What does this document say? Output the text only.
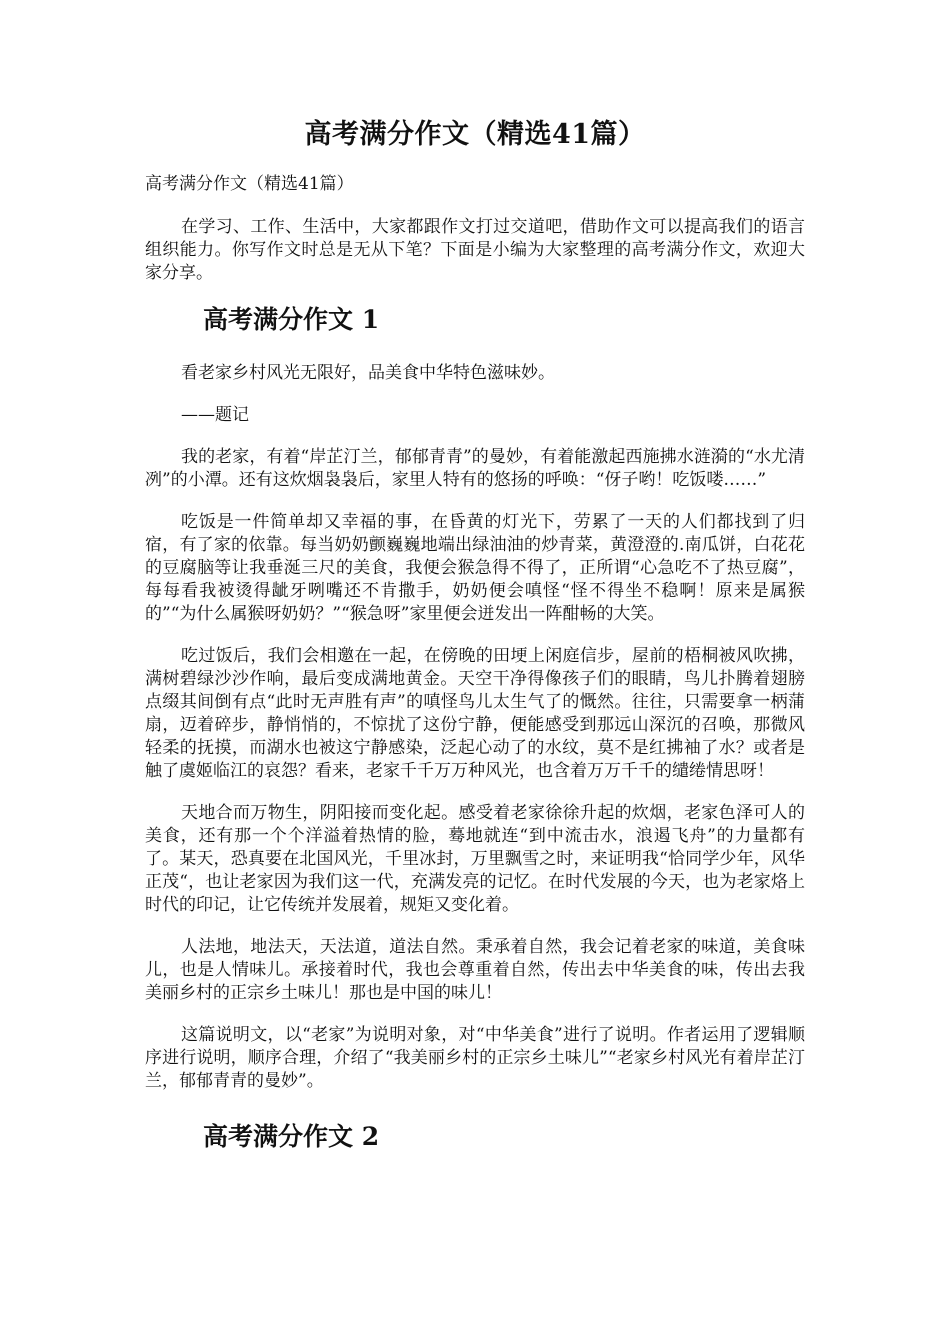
高考满分作文（精选41篇）
高考满分作文（精选41篇）

在学习、工作、生活中，大家都跟作文打过交道吧，借助作文可以提高我们的语言组织能力。你写作文时总是无从下笔？下面是小编为大家整理的高考满分作文，欢迎大家分享。

高考满分作文 1

看老家乡村风光无限好，品美食中华特色滋味妙。

——题记

我的老家，有着“岸芷汀兰，郁郁青青”的曼妙，有着能激起西施拂水涟漪的“水尤清冽”的小潭。还有这炊烟袅袅后，家里人特有的悠扬的呼唤：“伢子哟！吃饭喽……”

吃饭是一件简单却又幸福的事，在昏黄的灯光下，劳累了一天的人们都找到了归宿，有了家的依靠。每当奶奶颤巍巍地端出绿油油的炒青菜，黄澄澄的.南瓜饼，白花花的豆腐脑等让我垂涎三尺的美食，我便会猴急得不得了，正所谓“心急吃不了热豆腐”，每每看我被烫得龇牙咧嘴还不肯撒手，奶奶便会嗔怪“怪不得坐不稳啊！原来是属猴的”“为什么属猴呀奶奶？”“猴急呀”家里便会迸发出一阵酣畅的大笑。

吃过饭后，我们会相邀在一起，在傍晚的田埂上闲庭信步，屋前的梧桐被风吹拂，满树碧绿沙沙作响，最后变成满地黄金。天空干净得像孩子们的眼睛，鸟儿扑腾着翅膀点缀其间倒有点“此时无声胜有声”的嗔怪鸟儿太生气了的慨然。往往，只需要拿一柄蒲扇，迈着碎步，静悄悄的，不惊扰了这份宁静，便能感受到那远山深沉的召唤，那微风轻柔的抚摸，而湖水也被这宁静感染，泛起心动了的水纹，莫不是红拂袖了水？或者是触了虞姬临江的哀怨？看来，老家千千万万种风光，也含着万万千千的缱绻情思呀！

天地合而万物生，阴阳接而变化起。感受着老家徐徐升起的炊烟，老家色泽可人的美食，还有那一个个洋溢着热情的脸，蓦地就连“到中流击水，浪遏飞舟”的力量都有了。某天，恐真要在北国风光，千里冰封，万里飘雪之时，来证明我“恰同学少年，风华正茂“，也让老家因为我们这一代，充满发亮的记忆。在时代发展的今天，也为老家烙上时代的印记，让它传统并发展着，规矩又变化着。

人法地，地法天，天法道，道法自然。秉承着自然，我会记着老家的味道，美食味儿，也是人情味儿。承接着时代，我也会尊重着自然，传出去中华美食的味，传出去我美丽乡村的正宗乡土味儿！那也是中国的味儿！

这篇说明文，以“老家”为说明对象，对“中华美食”进行了说明。作者运用了逻辑顺序进行说明，顺序合理，介绍了“我美丽乡村的正宗乡土味儿”“老家乡村风光有着岸芷汀兰，郁郁青青的曼妙”。

高考满分作文 2
